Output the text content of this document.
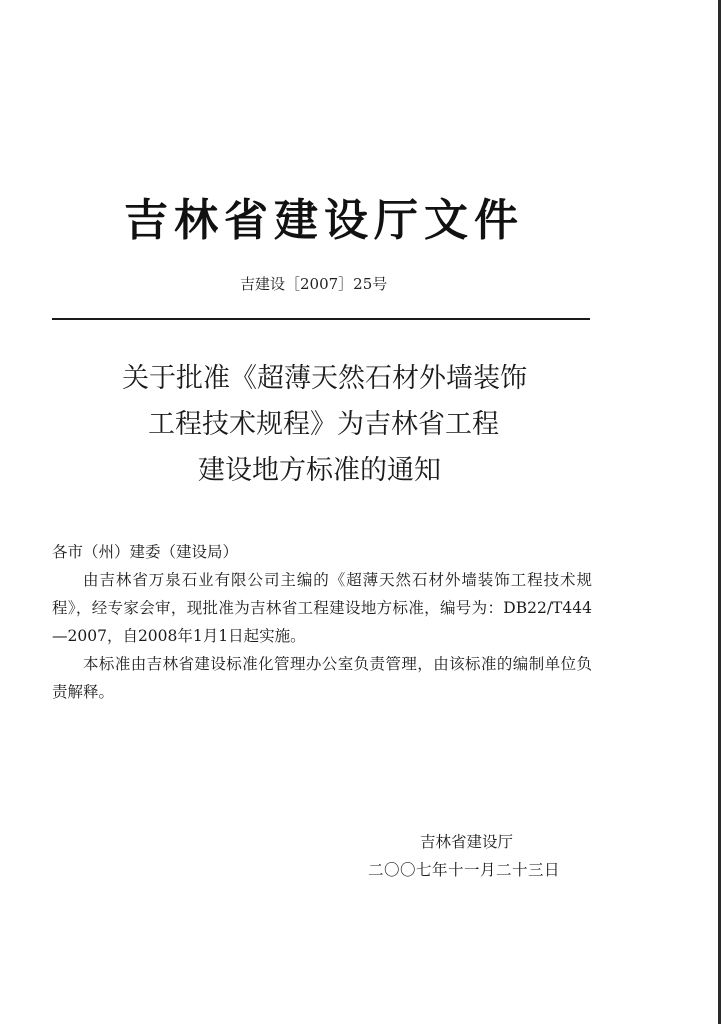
吉林省建设厅文件
吉建设［2007］25号
关于批准《超薄天然石材外墙装饰
工程技术规程》为吉林省工程
建设地方标准的通知

各市（州）建委（建设局）

由吉林省万泉石业有限公司主编的《超薄天然石材外墙装饰工程技术规程》，经专家会审，现批准为吉林省工程建设地方标准，编号为：DB22/T444—2007，自2008年1月1日起实施。

本标准由吉林省建设标准化管理办公室负责管理，由该标准的编制单位负责解释。

吉林省建设厅
二〇〇七年十一月二十三日
